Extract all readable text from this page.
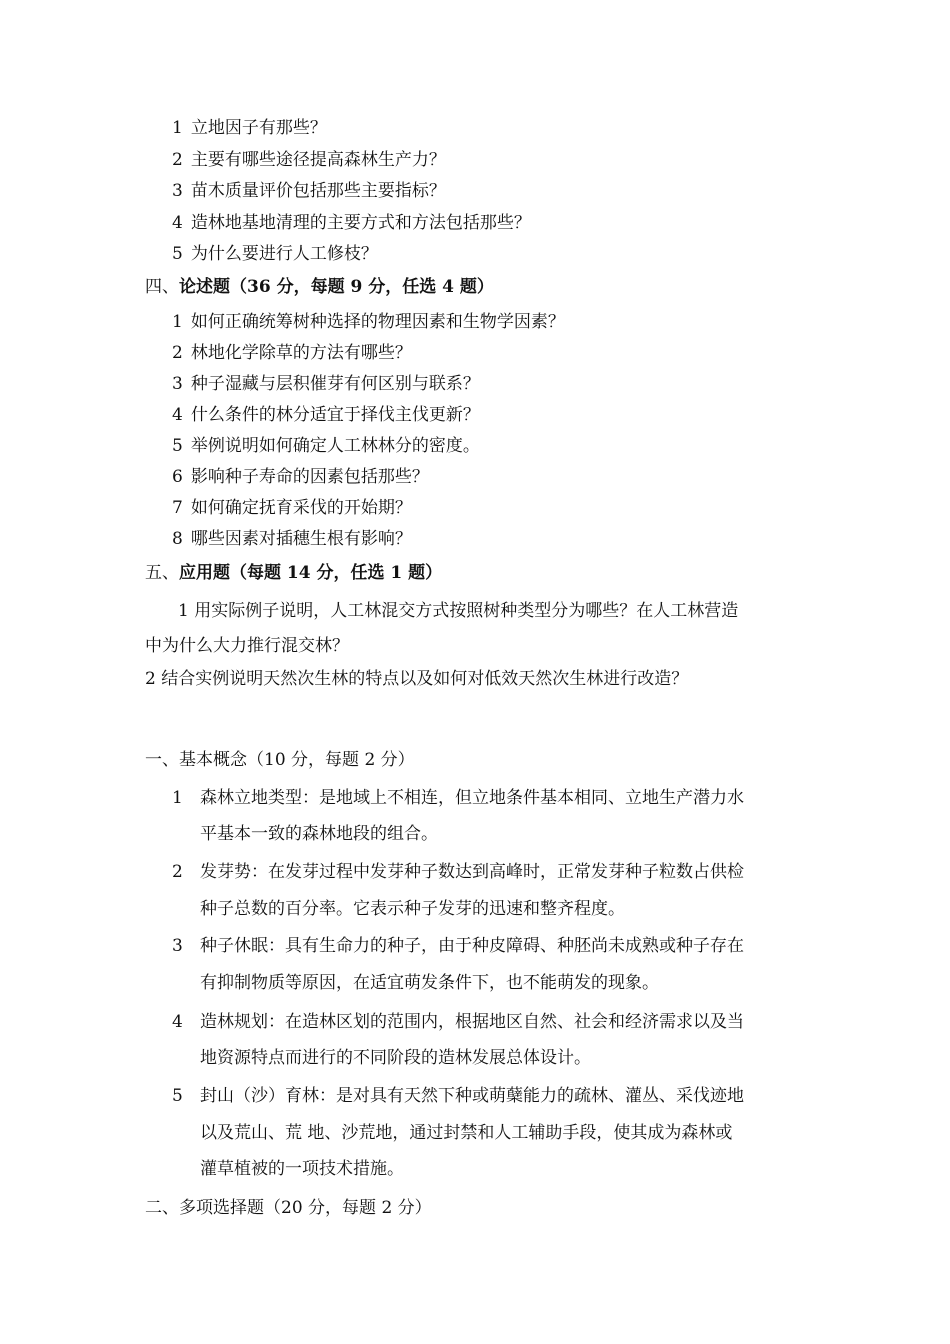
1 立地因子有那些？
2 主要有哪些途径提高森林生产力？
3 苗木质量评价包括那些主要指标？
4 造林地基地清理的主要方式和方法包括那些？
5 为什么要进行人工修枝？
四、论述题（36 分，每题 9 分，任选 4 题）
1 如何正确统筹树种选择的物理因素和生物学因素？
2 林地化学除草的方法有哪些？
3 种子湿藏与层积催芽有何区别与联系？
4 什么条件的林分适宜于择伐主伐更新？
5 举例说明如何确定人工林林分的密度。
6 影响种子寿命的因素包括那些？
7 如何确定抚育采伐的开始期？
8 哪些因素对插穗生根有影响？
五、应用题（每题 14 分，任选 1 题）
1 用实际例子说明，人工林混交方式按照树种类型分为哪些？在人工林营造
中为什么大力推行混交林？
2 结合实例说明天然次生林的特点以及如何对低效天然次生林进行改造？
一、基本概念（10 分，每题 2 分）
1 森林立地类型：是地域上不相连，但立地条件基本相同、立地生产潜力水
平基本一致的森林地段的组合。
2 发芽势：在发芽过程中发芽种子数达到高峰时，正常发芽种子粒数占供检
种子总数的百分率。它表示种子发芽的迅速和整齐程度。
3 种子休眠：具有生命力的种子，由于种皮障碍、种胚尚未成熟或种子存在
有抑制物质等原因，在适宜萌发条件下，也不能萌发的现象。
4 造林规划：在造林区划的范围内，根据地区自然、社会和经济需求以及当
地资源特点而进行的不同阶段的造林发展总体设计。
5 封山（沙）育林：是对具有天然下种或萌蘖能力的疏林、灌丛、采伐迹地
以及荒山、荒 地、沙荒地，通过封禁和人工辅助手段，使其成为森林或
灌草植被的一项技术措施。
二、多项选择题（20 分，每题 2 分）
